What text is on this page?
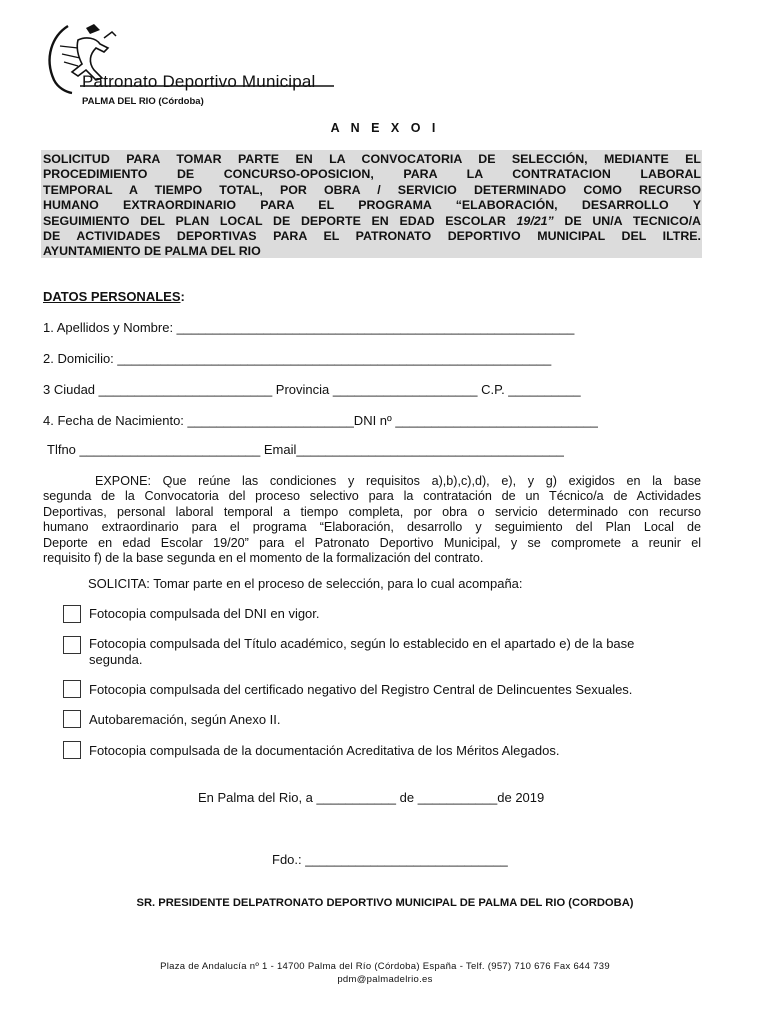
Patronato Deportivo Municipal
PALMA DEL RIO (Córdoba)
A N E X O I
SOLICITUD PARA TOMAR PARTE EN LA CONVOCATORIA DE SELECCIÓN, MEDIANTE EL
PROCEDIMIENTO DE CONCURSO-OPOSICION, PARA LA CONTRATACION LABORAL
TEMPORAL A TIEMPO TOTAL, POR OBRA / SERVICIO DETERMINADO COMO RECURSO
HUMANO EXTRAORDINARIO PARA EL PROGRAMA “ELABORACIÓN, DESARROLLO Y
SEGUIMIENTO DEL PLAN LOCAL DE DEPORTE EN EDAD ESCOLAR 19/21” DE UN/A TECNICO/A
DE ACTIVIDADES DEPORTIVAS PARA EL PATRONATO DEPORTIVO MUNICIPAL DEL ILTRE.
AYUNTAMIENTO DE PALMA DEL RIO
DATOS PERSONALES:
1. Apellidos y Nombre: _______________________________________________________
2. Domicilio: ____________________________________________________________
3 Ciudad ________________________ Provincia ____________________ C.P. __________
4. Fecha de Nacimiento: _______________________DNI nº ____________________________
Tlfno _________________________ Email_____________________________________
EXPONE: Que reúne las condiciones y requisitos a),b),c),d), e), y g) exigidos en la base
segunda de la Convocatoria del proceso selectivo para la contratación de un Técnico/a de Actividades
Deportivas, personal laboral temporal a tiempo completa, por obra o servicio determinado con recurso
humano extraordinario para el programa “Elaboración, desarrollo y seguimiento del Plan Local de
Deporte en edad Escolar 19/20” para el Patronato Deportivo Municipal, y se compromete a reunir el
requisito f) de la base segunda en el momento de la formalización del contrato.
SOLICITA: Tomar parte en el proceso de selección, para lo cual acompaña:
Fotocopia compulsada del DNI en vigor.
Fotocopia compulsada del Título académico, según lo establecido en el apartado e) de la base
segunda.
Fotocopia compulsada del certificado negativo del Registro Central de Delincuentes Sexuales.
Autobaremación, según Anexo II.
Fotocopia compulsada de la documentación Acreditativa de los Méritos Alegados.
En Palma del Rio, a ___________ de ___________de 2019
Fdo.: ____________________________
SR. PRESIDENTE DELPATRONATO DEPORTIVO MUNICIPAL DE PALMA DEL RIO (CORDOBA)
Plaza de Andalucía nº 1 - 14700 Palma del Río (Córdoba) España - Telf. (957) 710 676 Fax 644 739
pdm@palmadelrio.es
